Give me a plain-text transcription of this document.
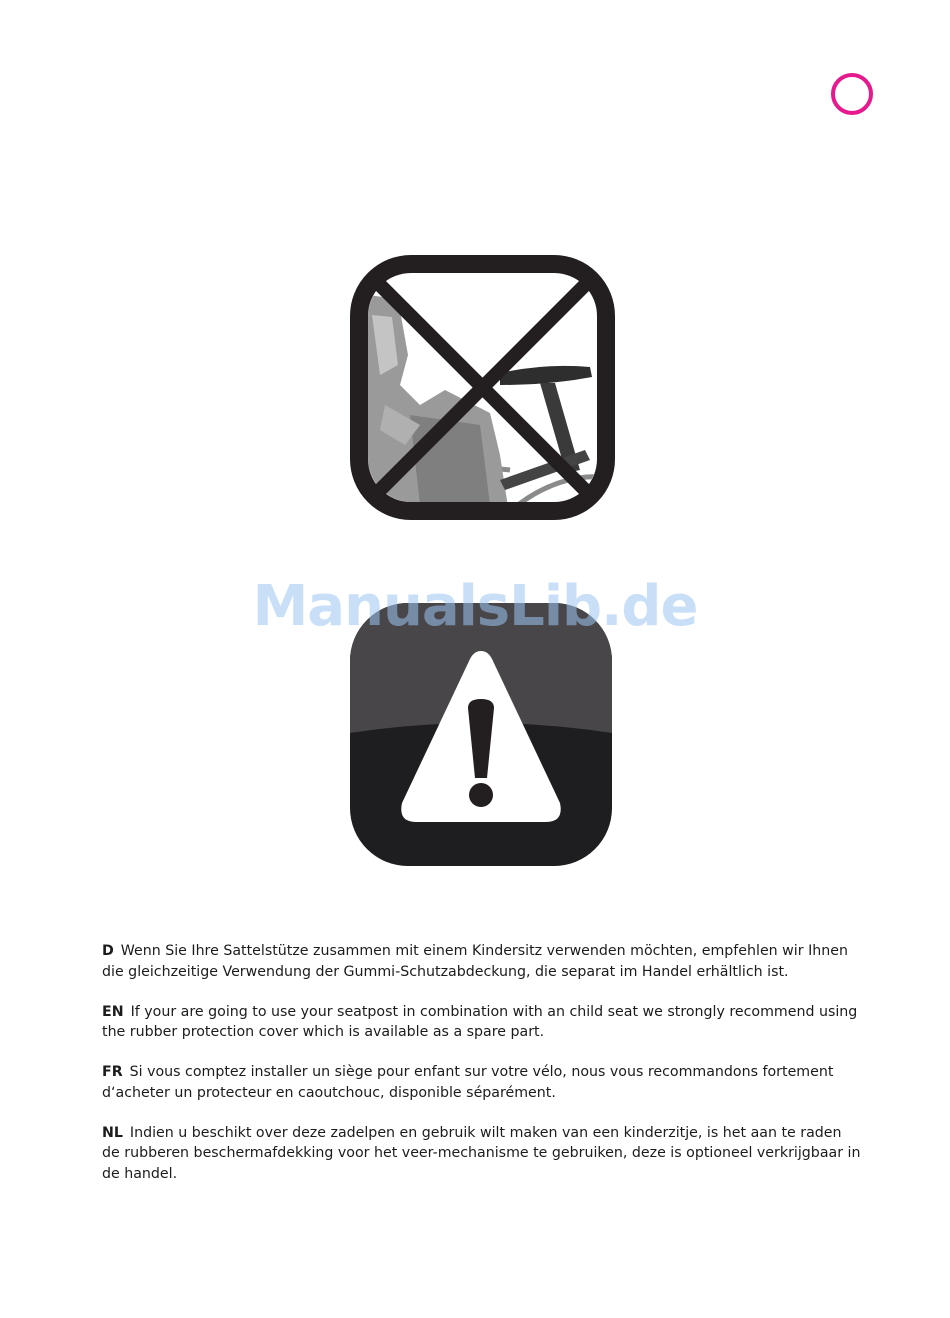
ManualsLib.de

D Wenn Sie Ihre Sattelstütze zusammen mit einem Kindersitz verwenden möchten, empfehlen wir Ihnen die gleichzeitige Verwendung der Gummi-Schutzabdeckung, die separat im Handel erhältlich ist.

EN If your are going to use your seatpost in combination with an child seat we strongly recommend using the rubber protection cover which is available as a spare part.

FR Si vous comptez installer un siège pour enfant sur votre vélo, nous vous recommandons fortement d‘acheter un protecteur en caoutchouc, disponible séparément.

NL Indien u beschikt over deze zadelpen en gebruik wilt maken van een kinderzitje, is het aan te raden de rubberen beschermafdekking voor het veer-mechanisme te gebruiken, deze is optioneel verkrijgbaar in de handel.
